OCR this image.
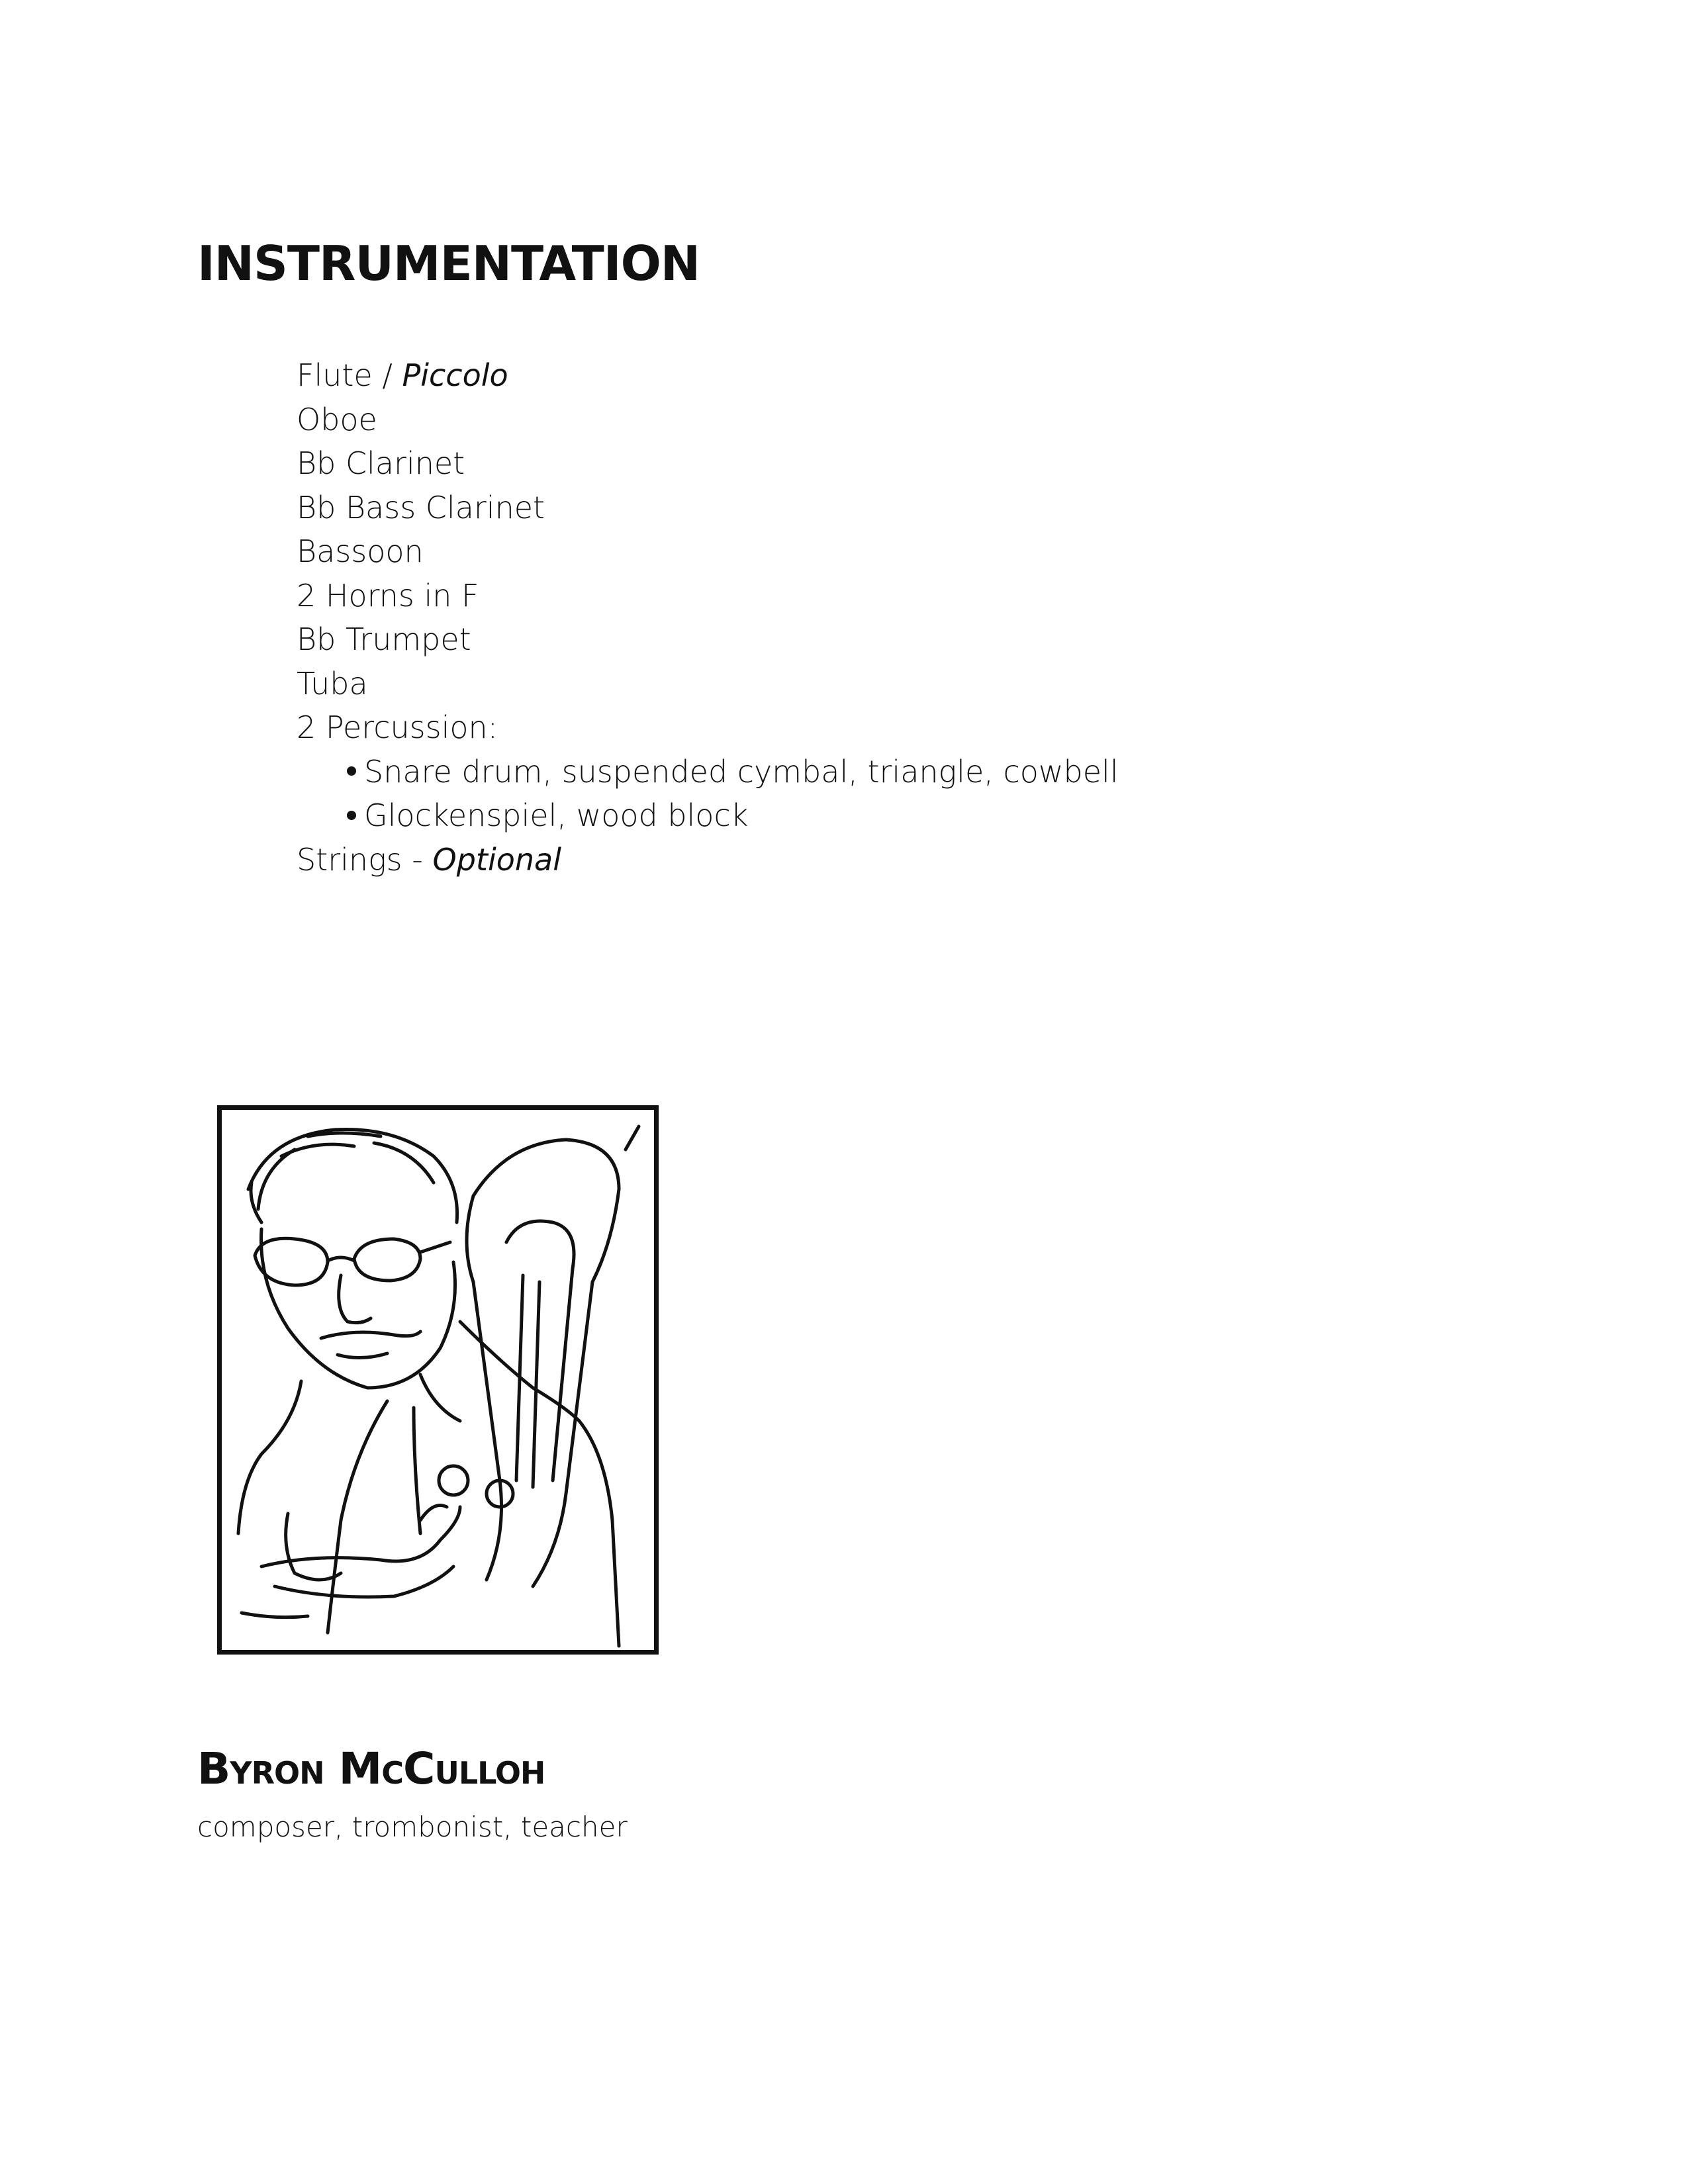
INSTRUMENTATION
Flute / Piccolo
Oboe
Bb Clarinet
Bb Bass Clarinet
Bassoon
2 Horns in F
Bb Trumpet
Tuba
2 Percussion:
Snare drum, suspended cymbal, triangle, cowbell
Glockenspiel, wood block
Strings - Optional
Byron McCulloh

composer, trombonist, teacher
